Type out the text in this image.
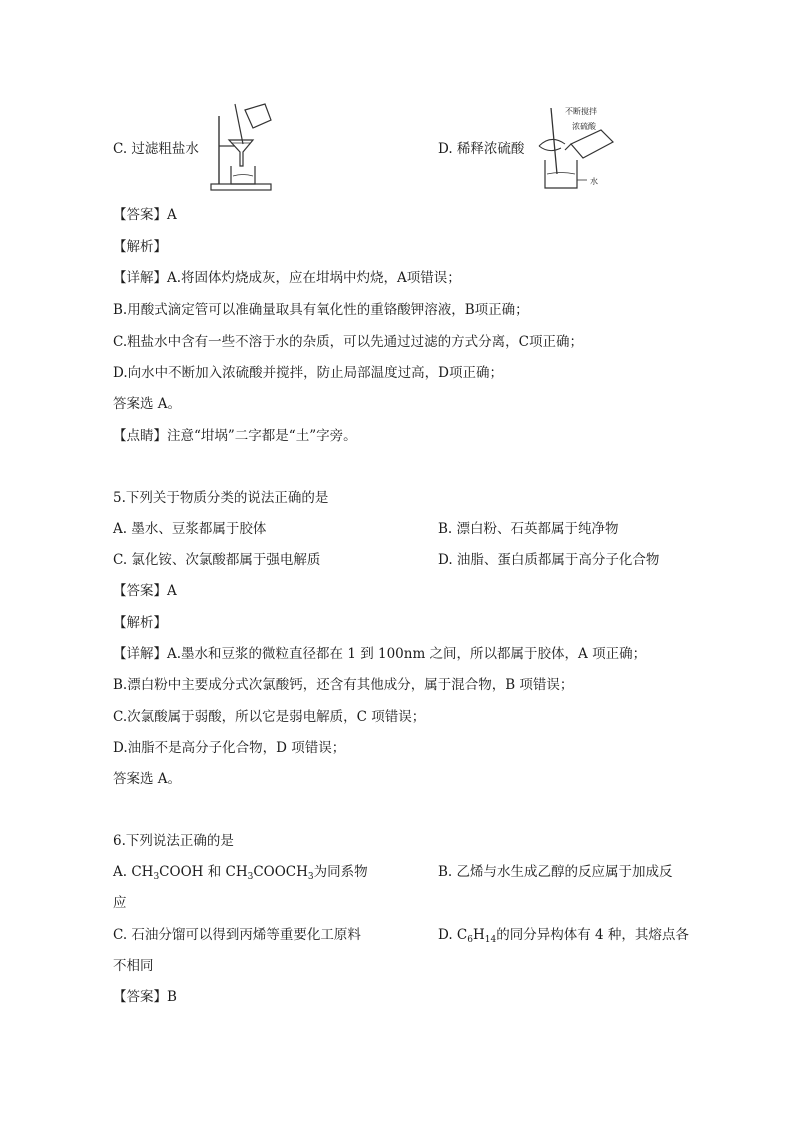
C. 过滤粗盐水	D. 稀释浓硫酸
不断搅拌
浓硫酸
水
【答案】A
【解析】
【详解】A.将固体灼烧成灰，应在坩埚中灼烧，A项错误；
B.用酸式滴定管可以准确量取具有氧化性的重铬酸钾溶液，B项正确；
C.粗盐水中含有一些不溶于水的杂质，可以先通过过滤的方式分离，C项正确；
D.向水中不断加入浓硫酸并搅拌，防止局部温度过高，D项正确；
答案选 A。
【点睛】注意“坩埚”二字都是“土”字旁。
5.下列关于物质分类的说法正确的是
A. 墨水、豆浆都属于胶体	B. 漂白粉、石英都属于纯净物
C. 氯化铵、次氯酸都属于强电解质	D. 油脂、蛋白质都属于高分子化合物
【答案】A
【解析】
【详解】A.墨水和豆浆的微粒直径都在 1 到 100nm 之间，所以都属于胶体，A 项正确；
B.漂白粉中主要成分式次氯酸钙，还含有其他成分，属于混合物，B 项错误；
C.次氯酸属于弱酸，所以它是弱电解质，C 项错误；
D.油脂不是高分子化合物，D 项错误；
答案选 A。
6.下列说法正确的是
A. $CH_3COOH$ 和 $CH_3COOCH_3$为同系物	B. 乙烯与水生成乙醇的反应属于加成反
应
C. 石油分馏可以得到丙烯等重要化工原料	D. $C_6H_{14}$的同分异构体有 4 种，其熔点各
不相同
【答案】B
